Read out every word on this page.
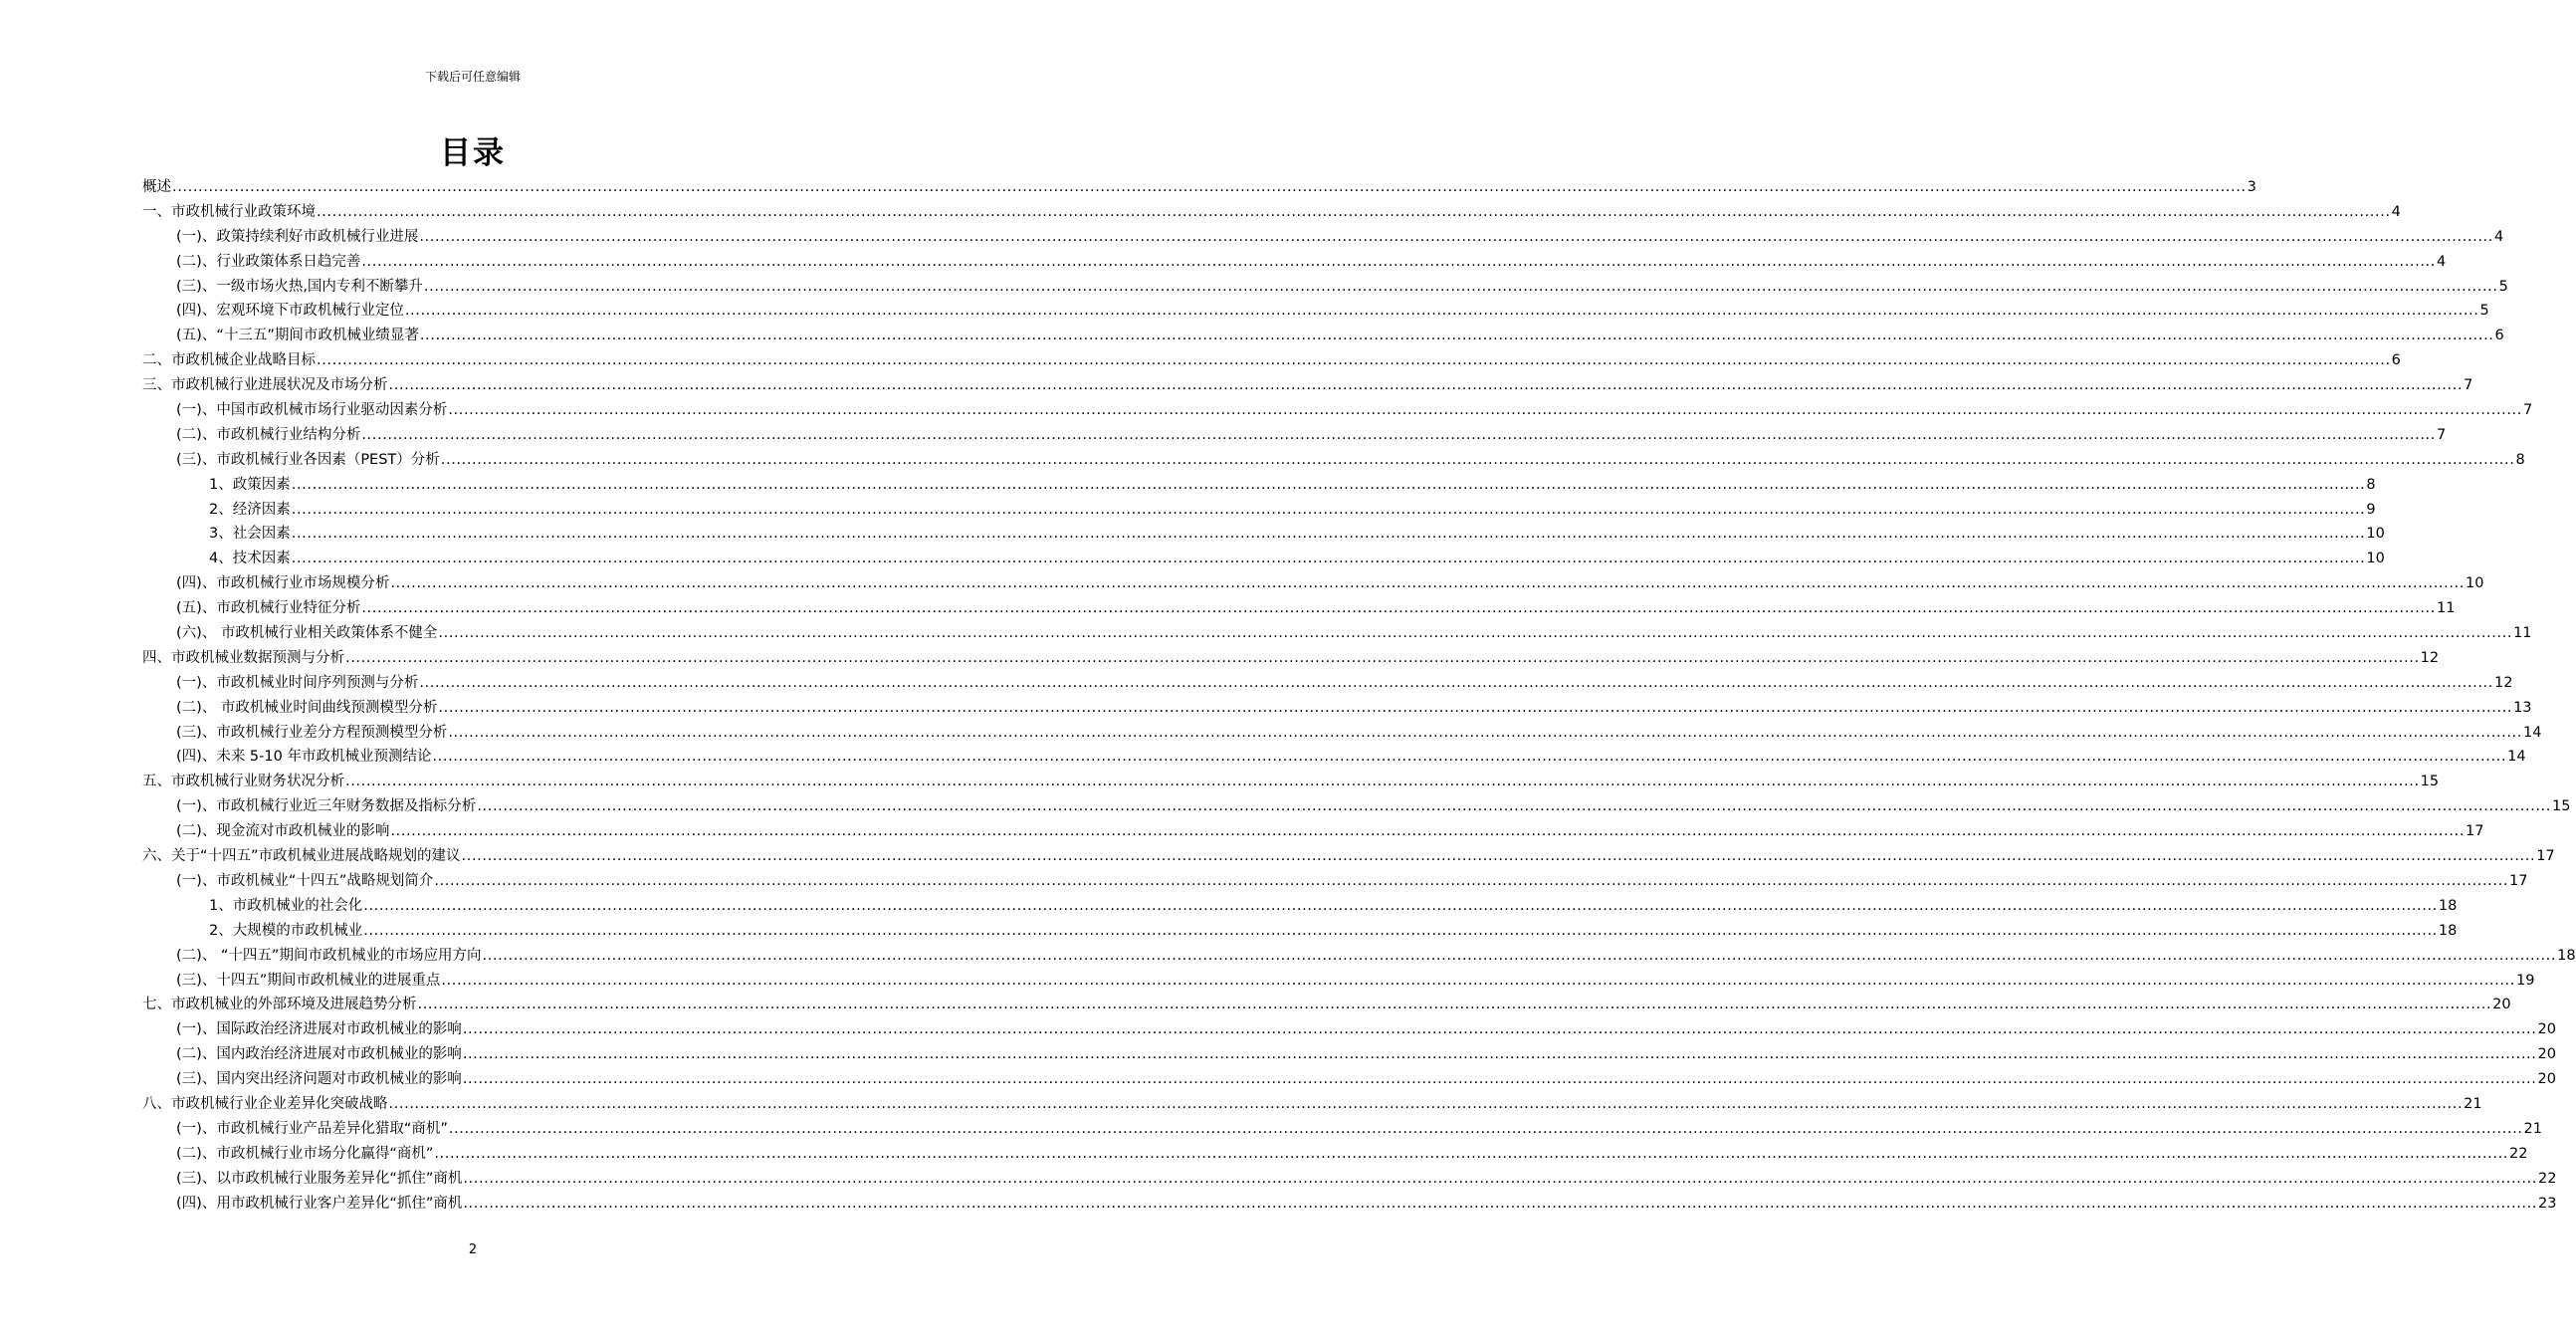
下载后可任意编辑
目录
概述 ................................................................................................................................................................................................................................................................................................................................................................................................................ 3
一、市政机械行业政策环境 ................................................................................................................................................................................................................................................................................................................................................................................................................ 4
(一)、政策持续利好市政机械行业进展 ................................................................................................................................................................................................................................................................................................................................................................................................................ 4
(二)、行业政策体系日趋完善 ................................................................................................................................................................................................................................................................................................................................................................................................................ 4
(三)、一级市场火热,国内专利不断攀升 ................................................................................................................................................................................................................................................................................................................................................................................................................ 5
(四)、宏观环境下市政机械行业定位 ................................................................................................................................................................................................................................................................................................................................................................................................................ 5
(五)、“十三五”期间市政机械业绩显著 ................................................................................................................................................................................................................................................................................................................................................................................................................ 6
二、市政机械企业战略目标 ................................................................................................................................................................................................................................................................................................................................................................................................................ 6
三、市政机械行业进展状况及市场分析 ................................................................................................................................................................................................................................................................................................................................................................................................................ 7
(一)、中国市政机械市场行业驱动因素分析 ................................................................................................................................................................................................................................................................................................................................................................................................................ 7
(二)、市政机械行业结构分析 ................................................................................................................................................................................................................................................................................................................................................................................................................ 7
(三)、市政机械行业各因素（PEST）分析 ................................................................................................................................................................................................................................................................................................................................................................................................................ 8
1、政策因素 ................................................................................................................................................................................................................................................................................................................................................................................................................ 8
2、经济因素 ................................................................................................................................................................................................................................................................................................................................................................................................................ 9
3、社会因素 ................................................................................................................................................................................................................................................................................................................................................................................................................ 10
4、技术因素 ................................................................................................................................................................................................................................................................................................................................................................................................................ 10
(四)、市政机械行业市场规模分析 ................................................................................................................................................................................................................................................................................................................................................................................................................ 10
(五)、市政机械行业特征分析 ................................................................................................................................................................................................................................................................................................................................................................................................................ 11
(六)、 市政机械行业相关政策体系不健全 ................................................................................................................................................................................................................................................................................................................................................................................................................ 11
四、市政机械业数据预测与分析 ................................................................................................................................................................................................................................................................................................................................................................................................................ 12
(一)、市政机械业时间序列预测与分析 ................................................................................................................................................................................................................................................................................................................................................................................................................ 12
(二)、 市政机械业时间曲线预测模型分析 ................................................................................................................................................................................................................................................................................................................................................................................................................ 13
(三)、市政机械行业差分方程预测模型分析 ................................................................................................................................................................................................................................................................................................................................................................................................................ 14
(四)、未来 5-10 年市政机械业预测结论 ................................................................................................................................................................................................................................................................................................................................................................................................................ 14
五、市政机械行业财务状况分析 ................................................................................................................................................................................................................................................................................................................................................................................................................ 15
(一)、市政机械行业近三年财务数据及指标分析 ................................................................................................................................................................................................................................................................................................................................................................................................................ 15
(二)、现金流对市政机械业的影响 ................................................................................................................................................................................................................................................................................................................................................................................................................ 17
六、关于“十四五”市政机械业进展战略规划的建议 ................................................................................................................................................................................................................................................................................................................................................................................................................ 17
(一)、市政机械业“十四五”战略规划简介 ................................................................................................................................................................................................................................................................................................................................................................................................................ 17
1、市政机械业的社会化 ................................................................................................................................................................................................................................................................................................................................................................................................................ 18
2、大规模的市政机械业 ................................................................................................................................................................................................................................................................................................................................................................................................................ 18
(二)、 “十四五”期间市政机械业的市场应用方向 ................................................................................................................................................................................................................................................................................................................................................................................................................ 18
(三)、十四五”期间市政机械业的进展重点 ................................................................................................................................................................................................................................................................................................................................................................................................................ 19
七、市政机械业的外部环境及进展趋势分析 ................................................................................................................................................................................................................................................................................................................................................................................................................ 20
(一)、国际政治经济进展对市政机械业的影响 ................................................................................................................................................................................................................................................................................................................................................................................................................ 20
(二)、国内政治经济进展对市政机械业的影响 ................................................................................................................................................................................................................................................................................................................................................................................................................ 20
(三)、国内突出经济问题对市政机械业的影响 ................................................................................................................................................................................................................................................................................................................................................................................................................ 20
八、市政机械行业企业差异化突破战略 ................................................................................................................................................................................................................................................................................................................................................................................................................ 21
(一)、市政机械行业产品差异化猎取“商机” ................................................................................................................................................................................................................................................................................................................................................................................................................ 21
(二)、市政机械行业市场分化赢得“商机” ................................................................................................................................................................................................................................................................................................................................................................................................................ 22
(三)、以市政机械行业服务差异化“抓住”商机 ................................................................................................................................................................................................................................................................................................................................................................................................................ 22
(四)、用市政机械行业客户差异化“抓住”商机 ................................................................................................................................................................................................................................................................................................................................................................................................................ 23
2
